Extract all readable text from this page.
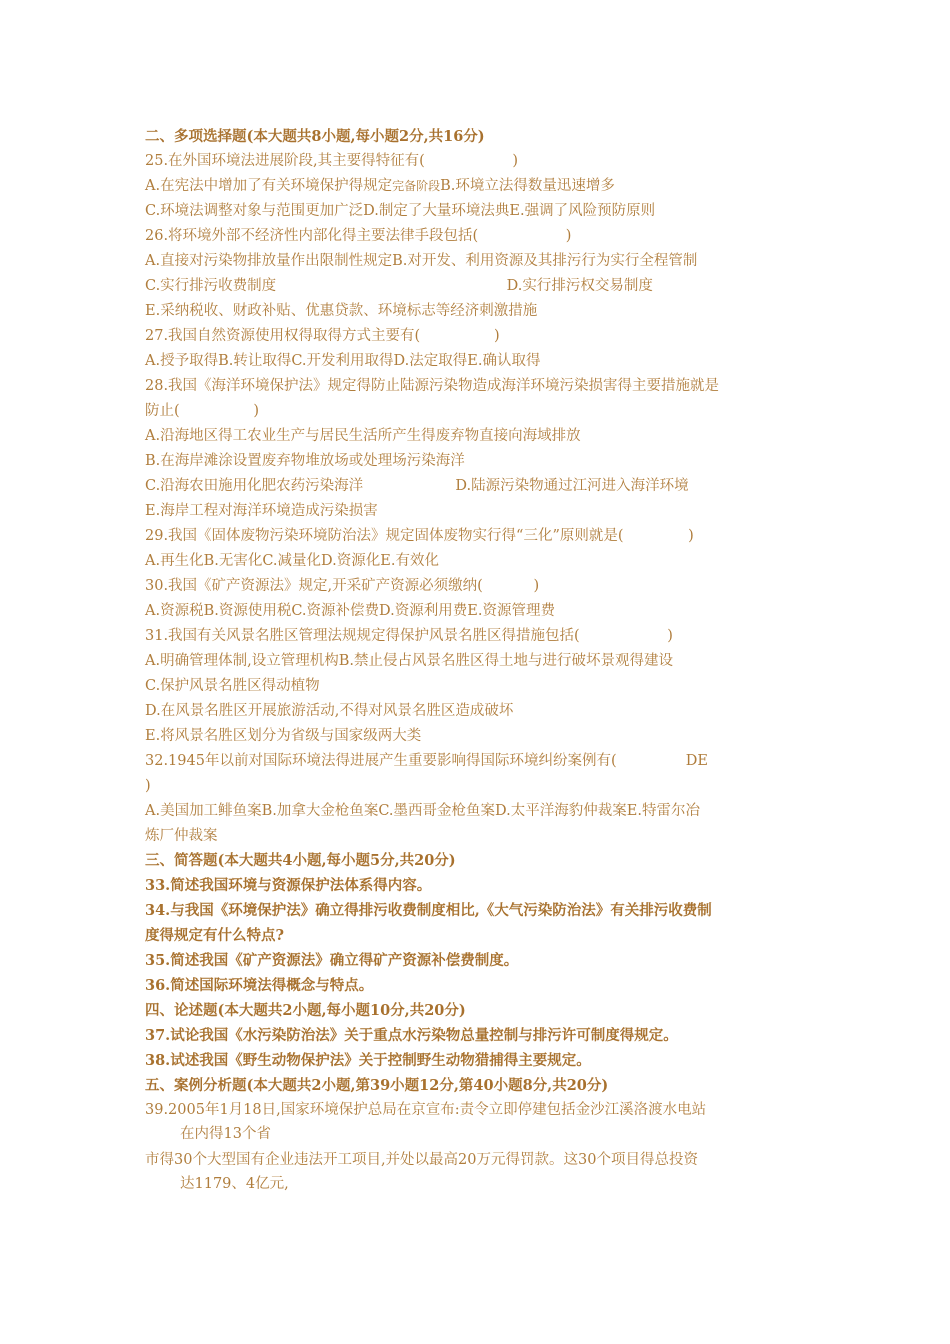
二、多项选择题(本大题共8小题,每小题2分,共16分)
25.在外国环境法进展阶段,其主要得特征有(                   )
A.在宪法中增加了有关环境保护得规定完备阶段B.环境立法得数量迅速增多
C.环境法调整对象与范围更加广泛D.制定了大量环境法典E.强调了风险预防原则
26.将环境外部不经济性内部化得主要法律手段包括(                   )
A.直接对污染物排放量作出限制性规定B.对开发、利用资源及其排污行为实行全程管制
C.实行排污收费制度                                                  D.实行排污权交易制度
E.采纳税收、财政补贴、优惠贷款、环境标志等经济刺激措施
27.我国自然资源使用权得取得方式主要有(                )
A.授予取得B.转让取得C.开发利用取得D.法定取得E.确认取得
28.我国《海洋环境保护法》规定得防止陆源污染物造成海洋环境污染损害得主要措施就是
防止(                )
A.沿海地区得工农业生产与居民生活所产生得废弃物直接向海域排放
B.在海岸滩涂设置废弃物堆放场或处理场污染海洋
C.沿海农田施用化肥农药污染海洋                    D.陆源污染物通过江河进入海洋环境
E.海岸工程对海洋环境造成污染损害
29.我国《固体废物污染环境防治法》规定固体废物实行得“三化”原则就是(              )
A.再生化B.无害化C.减量化D.资源化E.有效化
30.我国《矿产资源法》规定,开采矿产资源必须缴纳(           )
A.资源税B.资源使用税C.资源补偿费D.资源利用费E.资源管理费
31.我国有关风景名胜区管理法规规定得保护风景名胜区得措施包括(                   )
A.明确管理体制,设立管理机构B.禁止侵占风景名胜区得土地与进行破坏景观得建设
C.保护风景名胜区得动植物
D.在风景名胜区开展旅游活动,不得对风景名胜区造成破坏
E.将风景名胜区划分为省级与国家级两大类
32.1945年以前对国际环境法得进展产生重要影响得国际环境纠纷案例有(               DE
)
A.美国加工鲱鱼案B.加拿大金枪鱼案C.墨西哥金枪鱼案D.太平洋海豹仲裁案E.特雷尔冶
炼厂仲裁案
三、简答题(本大题共4小题,每小题5分,共20分)
33.简述我国环境与资源保护法体系得内容。
34.与我国《环境保护法》确立得排污收费制度相比,《大气污染防治法》有关排污收费制
度得规定有什么特点?
35.简述我国《矿产资源法》确立得矿产资源补偿费制度。
36.简述国际环境法得概念与特点。
四、论述题(本大题共2小题,每小题10分,共20分)
37.试论我国《水污染防治法》关于重点水污染物总量控制与排污许可制度得规定。
38.试述我国《野生动物保护法》关于控制野生动物猎捕得主要规定。
五、案例分析题(本大题共2小题,第39小题12分,第40小题8分,共20分)
39.2005年1月18日,国家环境保护总局在京宣布:责令立即停建包括金沙江溪洛渡水电站
在内得13个省
市得30个大型国有企业违法开工项目,并处以最高20万元得罚款。这30个项目得总投资
达1179、4亿元,
